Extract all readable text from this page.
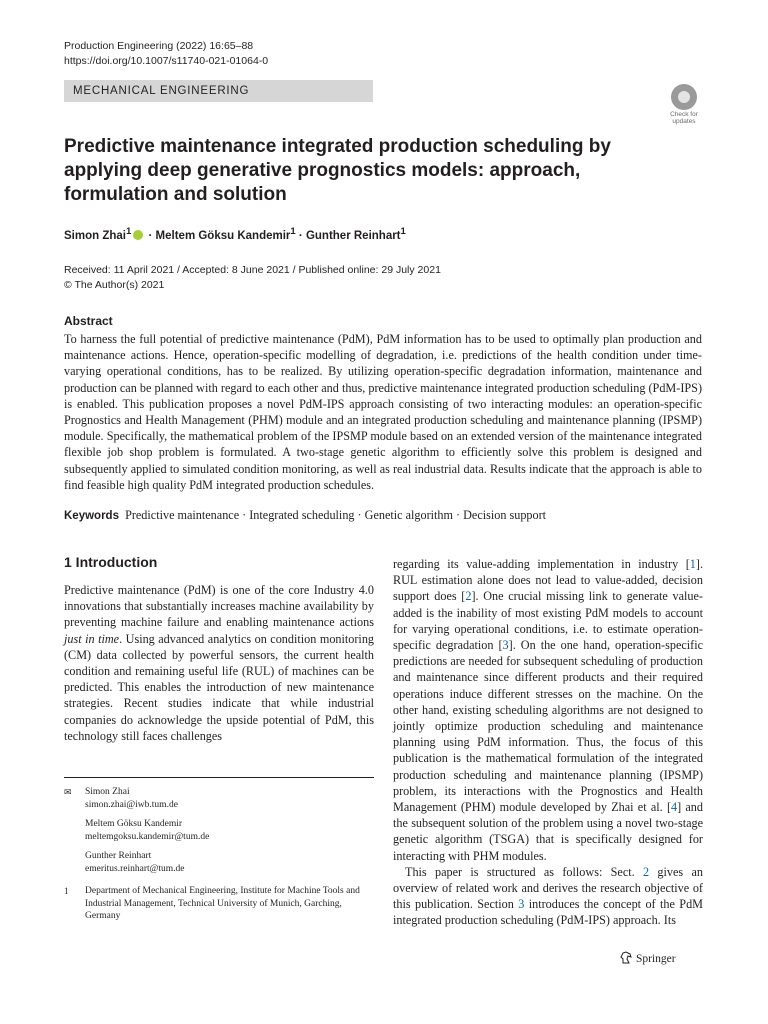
Production Engineering (2022) 16:65–88
https://doi.org/10.1007/s11740-021-01064-0
MECHANICAL ENGINEERING
Check for updates
Predictive maintenance integrated production scheduling by applying deep generative prognostics models: approach, formulation and solution
Simon Zhai$^1$ · Meltem Göksu Kandemir$^1$ · Gunther Reinhart$^1$
Received: 11 April 2021 / Accepted: 8 June 2021 / Published online: 29 July 2021
© The Author(s) 2021
Abstract
To harness the full potential of predictive maintenance (PdM), PdM information has to be used to optimally plan production and maintenance actions. Hence, operation-specific modelling of degradation, i.e. predictions of the health condition under time-varying operational conditions, has to be realized. By utilizing operation-specific degradation information, maintenance and production can be planned with regard to each other and thus, predictive maintenance integrated production scheduling (PdM-IPS) is enabled. This publication proposes a novel PdM-IPS approach consisting of two interacting modules: an operation-specific Prognostics and Health Management (PHM) module and an integrated production scheduling and maintenance planning (IPSMP) module. Specifically, the mathematical problem of the IPSMP module based on an extended version of the maintenance integrated flexible job shop problem is formulated. A two-stage genetic algorithm to efficiently solve this problem is designed and subsequently applied to simulated condition monitoring, as well as real industrial data. Results indicate that the approach is able to find feasible high quality PdM integrated production schedules.
Keywords Predictive maintenance · Integrated scheduling · Genetic algorithm · Decision support
1 Introduction
Predictive maintenance (PdM) is one of the core Industry 4.0 innovations that substantially increases machine availability by preventing machine failure and enabling maintenance actions just in time. Using advanced analytics on condition monitoring (CM) data collected by powerful sensors, the current health condition and remaining useful life (RUL) of machines can be predicted. This enables the introduction of new maintenance strategies. Recent studies indicate that while industrial companies do acknowledge the upside potential of PdM, this technology still faces challenges

regarding its value-adding implementation in industry [1]. RUL estimation alone does not lead to value-added, decision support does [2]. One crucial missing link to generate value-added is the inability of most existing PdM models to account for varying operational conditions, i.e. to estimate operation-specific degradation [3]. On the one hand, operation-specific predictions are needed for subsequent scheduling of production and maintenance since different products and their required operations induce different stresses on the machine. On the other hand, existing scheduling algorithms are not designed to jointly optimize production scheduling and maintenance planning using PdM information. Thus, the focus of this publication is the mathematical formulation of the integrated production scheduling and maintenance planning (IPSMP) problem, its interactions with the Prognostics and Health Management (PHM) module developed by Zhai et al. [4] and the subsequent solution of the problem using a novel two-stage genetic algorithm (TSGA) that is specifically designed for interacting with PHM modules.

This paper is structured as follows: Sect. 2 gives an overview of related work and derives the research objective of this publication. Section 3 introduces the concept of the PdM integrated production scheduling (PdM-IPS) approach. Its

✉ Simon Zhai
simon.zhai@iwb.tum.de
Meltem Göksu Kandemir
meltemgoksu.kandemir@tum.de
Gunther Reinhart
emeritus.reinhart@tum.de
1 Department of Mechanical Engineering, Institute for Machine Tools and Industrial Management, Technical University of Munich, Garching, Germany
Springer
